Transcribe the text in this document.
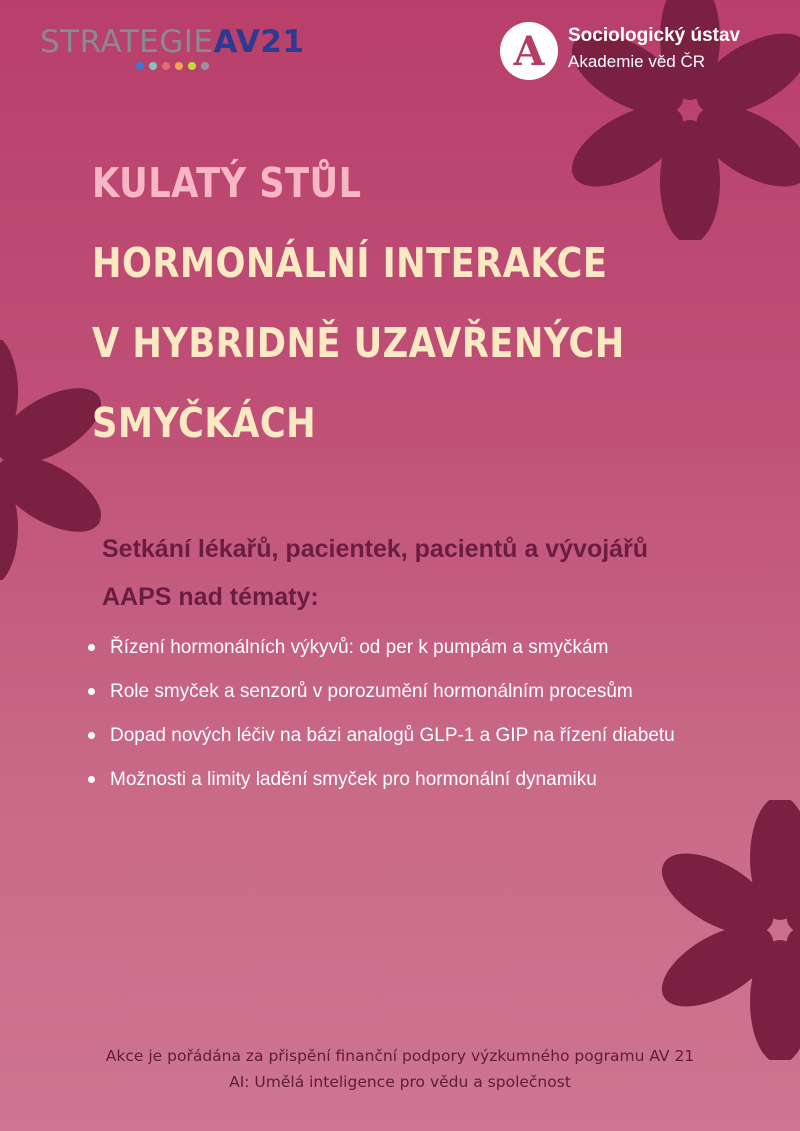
STRATEGIEAV21	A	Sociologický ústav
Akademie věd ČR
KULATÝ STŮL
HORMONÁLNÍ INTERAKCE
V HYBRIDNĚ UZAVŘENÝCH
SMYČKÁCH
Setkání lékařů, pacientek, pacientů a vývojářů
AAPS nad tématy:
Řízení hormonálních výkyvů: od per k pumpám a smyčkám
Role smyček a senzorů v porozumění hormonálním procesům
Dopad nových léčiv na bázi analogů GLP-1 a GIP na řízení diabetu
Možnosti a limity ladění smyček pro hormonální dynamiku
Akce je pořádána za přispění finanční podpory výzkumného pogramu AV 21
AI: Umělá inteligence pro vědu a společnost
